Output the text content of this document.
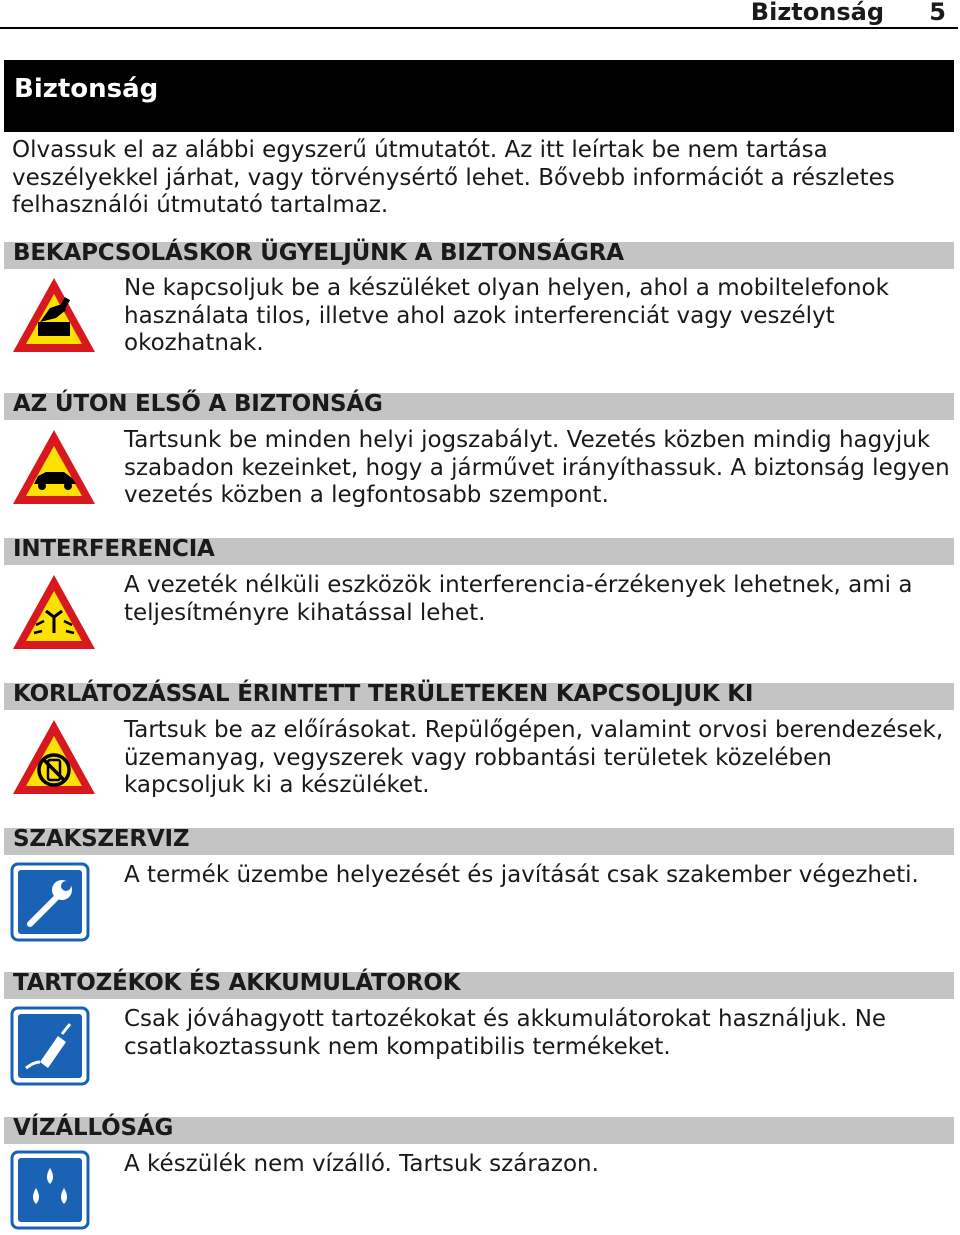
Biztonság 5
Biztonság
Olvassuk el az alábbi egyszerű útmutatót. Az itt leírtak be nem tartása veszélyekkel járhat, vagy törvénysértő lehet. Bővebb információt a részletes felhasználói útmutató tartalmaz.
BEKAPCSOLÁSKOR ÜGYELJÜNK A BIZTONSÁGRA
Ne kapcsoljuk be a készüléket olyan helyen, ahol a mobiltelefonok használata tilos, illetve ahol azok interferenciát vagy veszélyt okozhatnak.
AZ ÚTON ELSŐ A BIZTONSÁG
Tartsunk be minden helyi jogszabályt. Vezetés közben mindig hagyjuk szabadon kezeinket, hogy a járművet irányíthassuk. A biztonság legyen vezetés közben a legfontosabb szempont.
INTERFERENCIA
A vezeték nélküli eszközök interferencia-érzékenyek lehetnek, ami a teljesítményre kihatással lehet.
KORLÁTOZÁSSAL ÉRINTETT TERÜLETEKEN KAPCSOLJUK KI
Tartsuk be az előírásokat. Repülőgépen, valamint orvosi berendezések, üzemanyag, vegyszerek vagy robbantási területek közelében kapcsoljuk ki a készüléket.
SZAKSZERVIZ
A termék üzembe helyezését és javítását csak szakember végezheti.
TARTOZÉKOK ÉS AKKUMULÁTOROK
Csak jóváhagyott tartozékokat és akkumulátorokat használjuk. Ne csatlakoztassunk nem kompatibilis termékeket.
VÍZÁLLÓSÁG
A készülék nem vízálló. Tartsuk szárazon.
